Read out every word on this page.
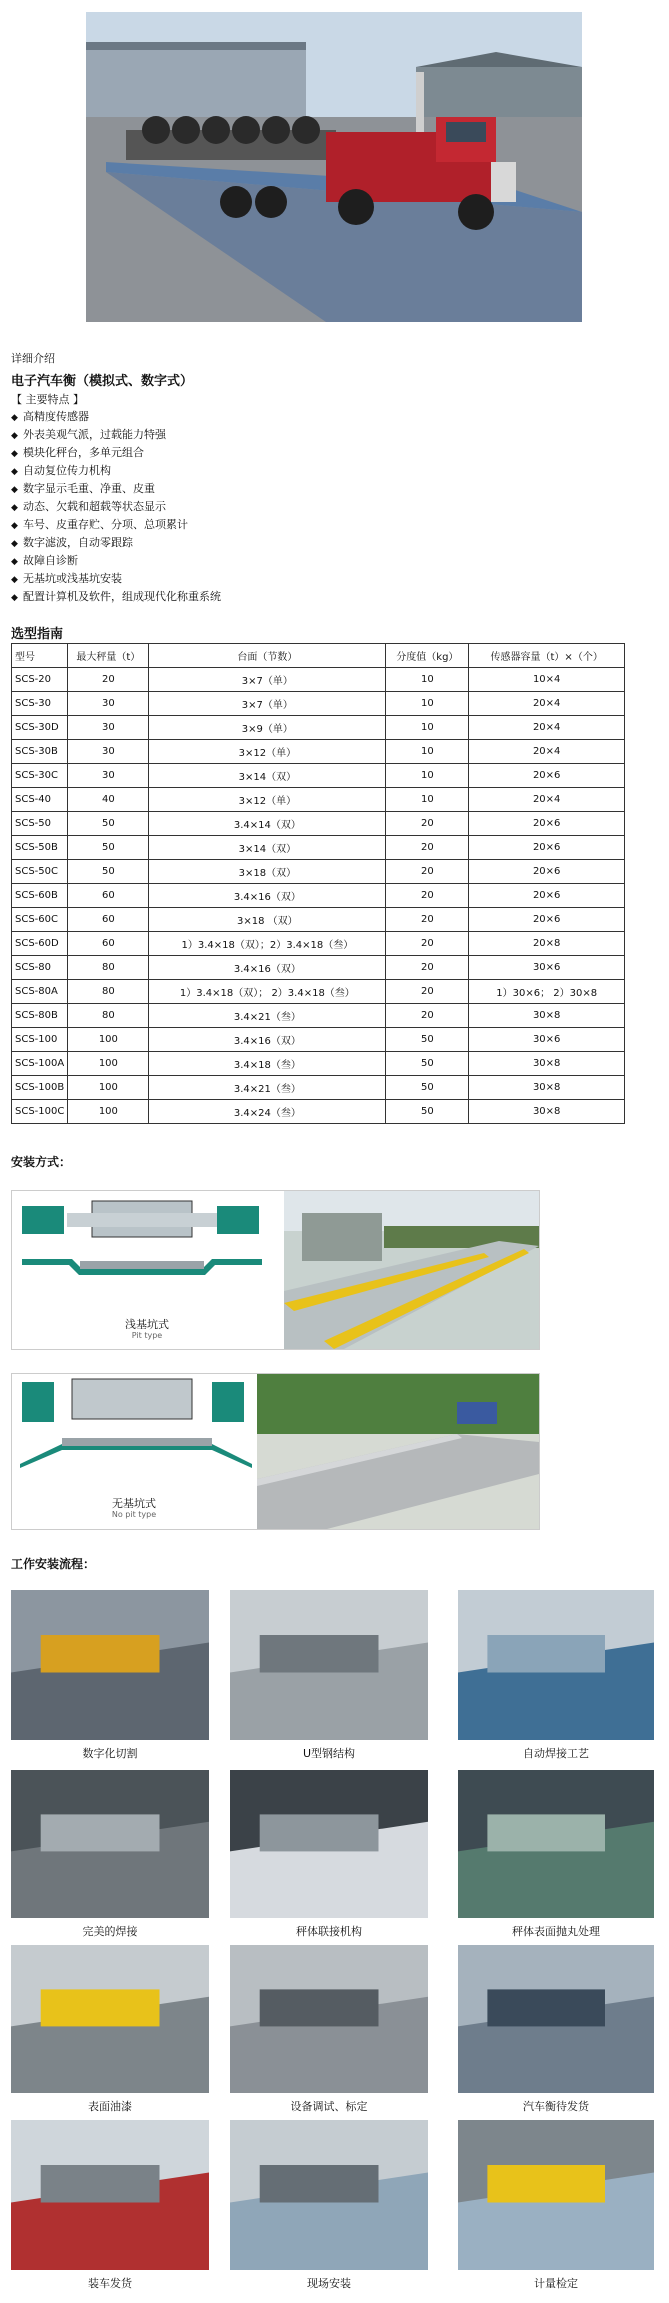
详细介绍
电子汽车衡（模拟式、数字式）
【 主要特点 】
◆ 高精度传感器
◆ 外表美观气派，过载能力特强
◆ 模块化秤台，多单元组合
◆ 自动复位传力机构
◆ 数字显示毛重、净重、皮重
◆ 动态、欠载和超载等状态显示
◆ 车号、皮重存贮、分项、总项累计
◆ 数字滤波，自动零跟踪
◆ 故障自诊断
◆ 无基坑或浅基坑安装
◆ 配置计算机及软件，组成现代化称重系统
选型指南
型号	最大秤量（t）	台面（节数）	分度值（kg）	传感器容量（t）×（个）
SCS-20	20	3×7（单）	10	10×4
SCS-30	30	3×7（单）	10	20×4
SCS-30D	30	3×9（单）	10	20×4
SCS-30B	30	3×12（单）	10	20×4
SCS-30C	30	3×14（双）	10	20×6
SCS-40	40	3×12（单）	10	20×4
SCS-50	50	3.4×14（双）	20	20×6
SCS-50B	50	3×14（双）	20	20×6
SCS-50C	50	3×18（双）	20	20×6
SCS-60B	60	3.4×16（双）	20	20×6
SCS-60C	60	3×18 （双）	20	20×6
SCS-60D	60	1）3.4×18（双）；2）3.4×18（叁）	20	20×8
SCS-80	80	3.4×16（双）	20	30×6
SCS-80A	80	1）3.4×18（双）； 2）3.4×18（叁）	20	1）30×6； 2）30×8
SCS-80B	80	3.4×21（叁）	20	30×8
SCS-100	100	3.4×16（双）	50	30×6
SCS-100A	100	3.4×18（叁）	50	30×8
SCS-100B	100	3.4×21（叁）	50	30×8
SCS-100C	100	3.4×24（叁）	50	30×8
安装方式：
浅基坑式
Pit type
无基坑式
No pit type
工作安装流程：
数字化切割	U型钢结构	自动焊接工艺
完美的焊接	秤体联接机构	秤体表面抛丸处理
表面油漆	设备调试、标定	汽车衡待发货
装车发货	现场安装	计量检定
